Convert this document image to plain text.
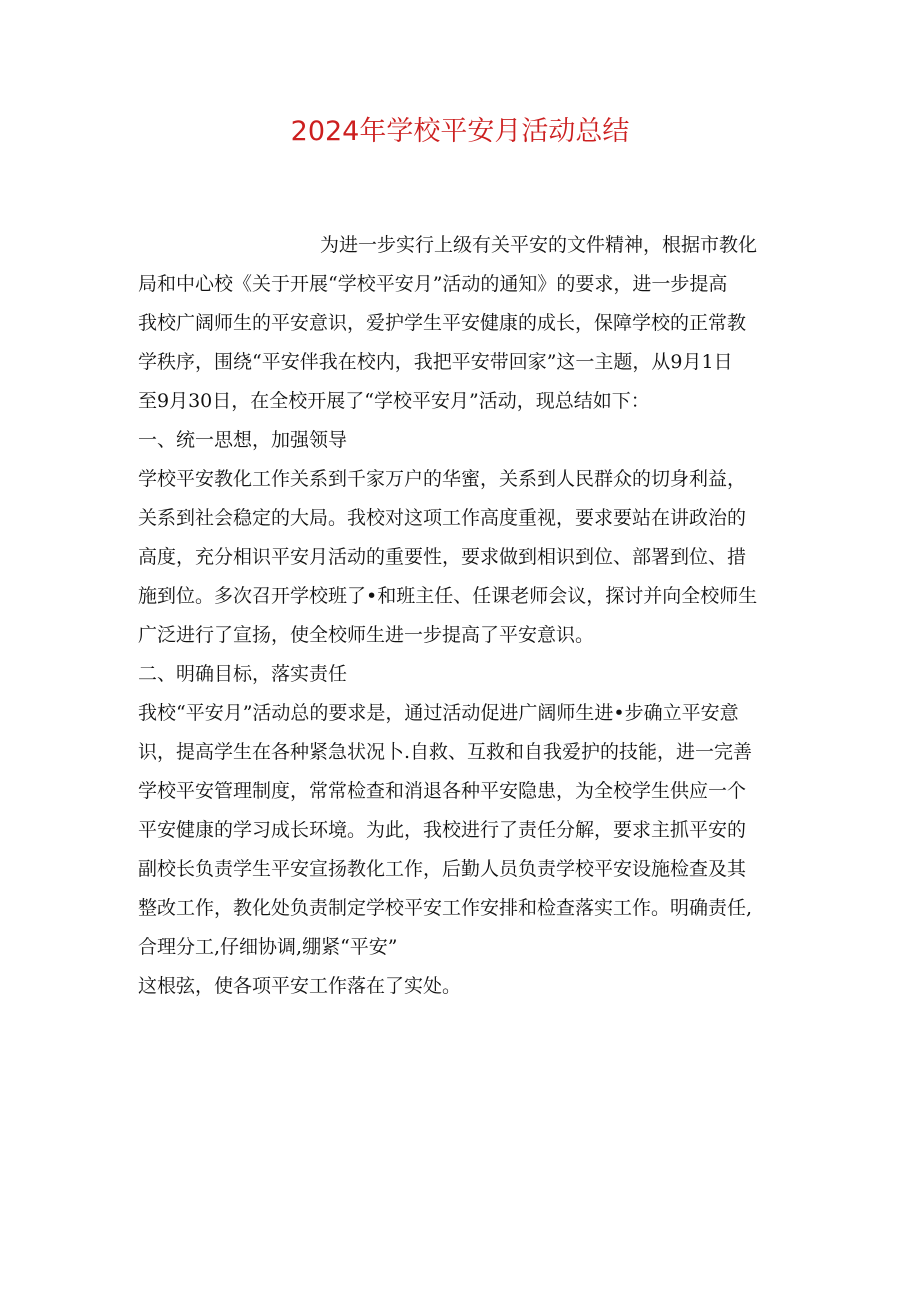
2024年学校平安月活动总结
为进一步实行上级有关平安的文件精神，根据市教化
局和中心校《关于开展“学校平安月”活动的通知》的要求，进一步提高
我校广阔师生的平安意识，爱护学生平安健康的成长，保障学校的正常教
学秩序，围绕“平安伴我在校内，我把平安带回家”这一主题，从9月1日
至9月30日，在全校开展了“学校平安月”活动，现总结如下：
一、统一思想，加强领导
学校平安教化工作关系到千家万户的华蜜，关系到人民群众的切身利益，
关系到社会稳定的大局。我校对这项工作高度重视，要求要站在讲政治的
高度，充分相识平安月活动的重要性，要求做到相识到位、部署到位、措
施到位。多次召开学校班了•和班主任、任课老师会议，探讨并向全校师生
广泛进行了宣扬，使全校师生进一步提高了平安意识。
二、明确目标，落实责任
我校“平安月”活动总的要求是，通过活动促进广阔师生进•步确立平安意
识，提高学生在各种紧急状况卜.自救、互救和自我爱护的技能，进一完善
学校平安管理制度，常常检查和消退各种平安隐患，为全校学生供应一个
平安健康的学习成长环境。为此，我校进行了责任分解，要求主抓平安的
副校长负责学生平安宣扬教化工作，后勤人员负责学校平安设施检查及其
整改工作，教化处负责制定学校平安工作安排和检查落实工作。明确责任,
合理分工,仔细协调,绷紧“平安”
这根弦，使各项平安工作落在了实处。
